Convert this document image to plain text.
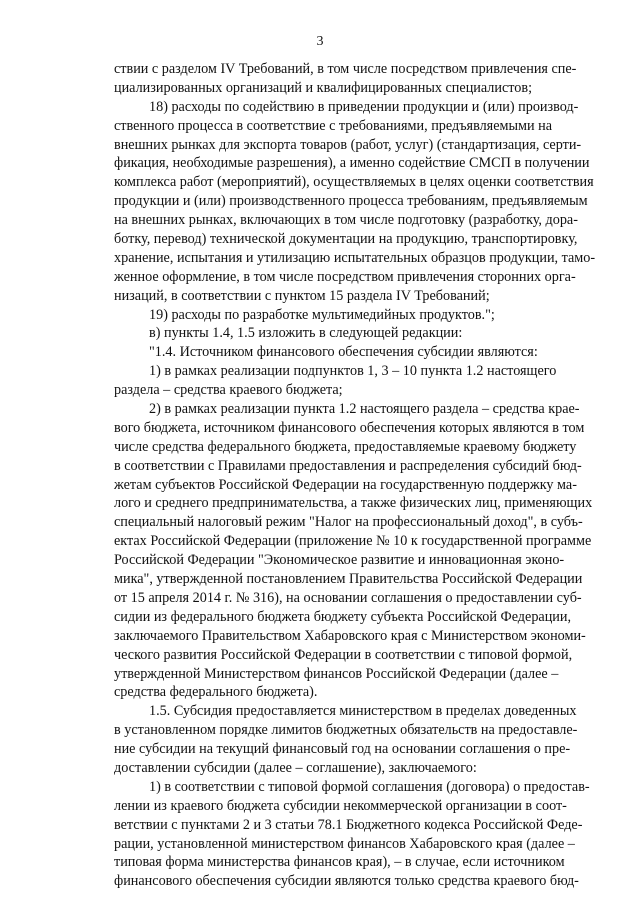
3
ствии с разделом IV Требований, в том числе посредством привлечения спе-
циализированных организаций и квалифицированных специалистов;
18) расходы по содействию в приведении продукции и (или) производ-
ственного процесса в соответствие с требованиями, предъявляемыми на
внешних рынках для экспорта товаров (работ, услуг) (стандартизация, серти-
фикация, необходимые разрешения), а именно содействие СМСП в получении
комплекса работ (мероприятий), осуществляемых в целях оценки соответствия
продукции и (или) производственного процесса требованиям, предъявляемым
на внешних рынках, включающих в том числе подготовку (разработку, дора-
ботку, перевод) технической документации на продукцию, транспортировку,
хранение, испытания и утилизацию испытательных образцов продукции, тамо-
женное оформление, в том числе посредством привлечения сторонних орга-
низаций, в соответствии с пунктом 15 раздела IV Требований;
19) расходы по разработке мультимедийных продуктов.";
в) пункты 1.4, 1.5 изложить в следующей редакции:
"1.4. Источником финансового обеспечения субсидии являются:
1) в рамках реализации подпунктов 1, 3 – 10 пункта 1.2 настоящего
раздела – средства краевого бюджета;
2) в рамках реализации пункта 1.2 настоящего раздела – средства крае-
вого бюджета, источником финансового обеспечения которых являются в том
числе средства федерального бюджета, предоставляемые краевому бюджету
в соответствии с Правилами предоставления и распределения субсидий бюд-
жетам субъектов Российской Федерации на государственную поддержку ма-
лого и среднего предпринимательства, а также физических лиц, применяющих
специальный налоговый режим "Налог на профессиональный доход", в субъ-
ектах Российской Федерации (приложение № 10 к государственной программе
Российской Федерации "Экономическое развитие и инновационная эконо-
мика", утвержденной постановлением Правительства Российской Федерации
от 15 апреля 2014 г. № 316), на основании соглашения о предоставлении суб-
сидии из федерального бюджета бюджету субъекта Российской Федерации,
заключаемого Правительством Хабаровского края с Министерством экономи-
ческого развития Российской Федерации в соответствии с типовой формой,
утвержденной Министерством финансов Российской Федерации (далее –
средства федерального бюджета).
1.5. Субсидия предоставляется министерством в пределах доведенных
в установленном порядке лимитов бюджетных обязательств на предоставле-
ние субсидии на текущий финансовый год на основании соглашения о пре-
доставлении субсидии (далее – соглашение), заключаемого:
1) в соответствии с типовой формой соглашения (договора) о предостав-
лении из краевого бюджета субсидии некоммерческой организации в соот-
ветствии с пунктами 2 и 3 статьи 78.1 Бюджетного кодекса Российской Феде-
рации, установленной министерством финансов Хабаровского края (далее –
типовая форма министерства финансов края), – в случае, если источником
финансового обеспечения субсидии являются только средства краевого бюд-
